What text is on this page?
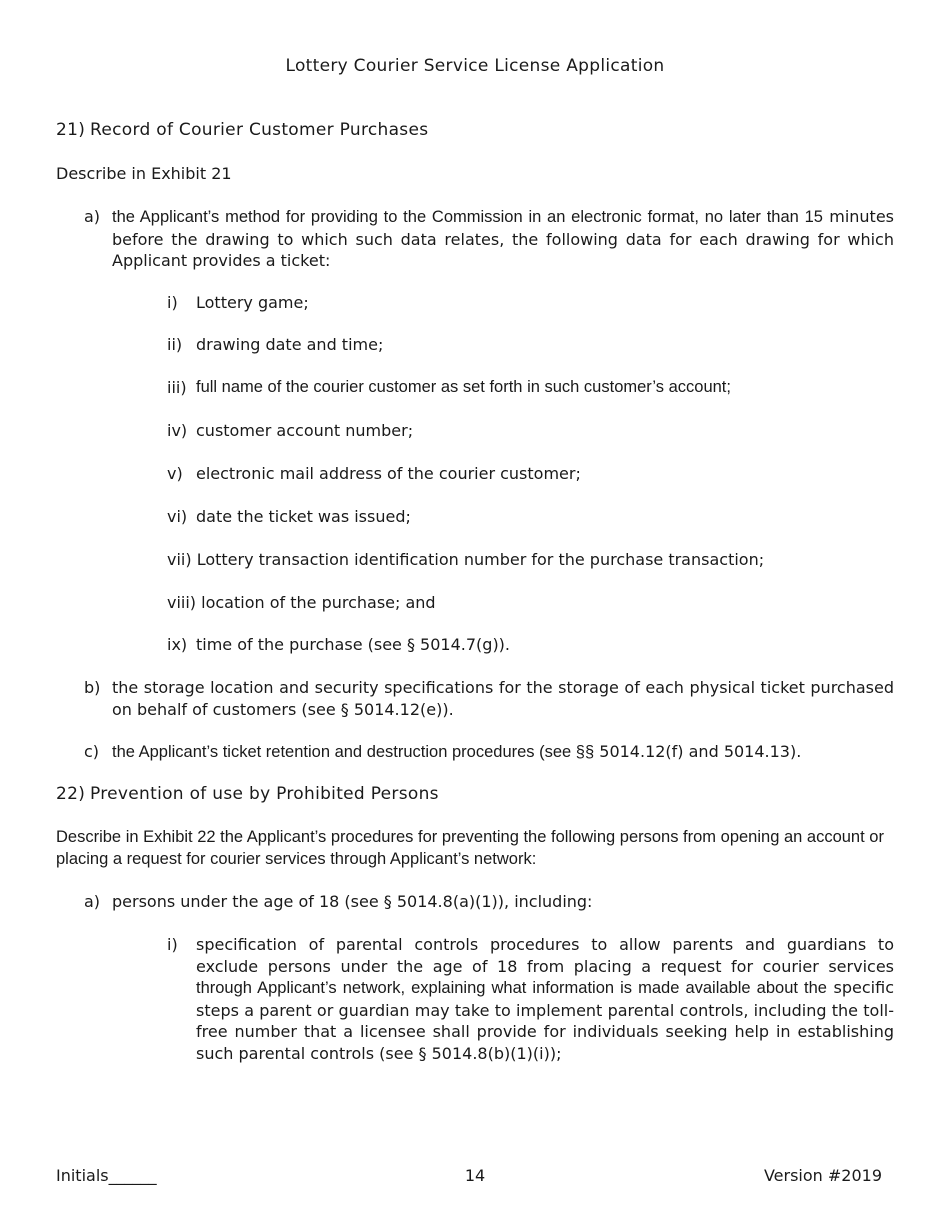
Lottery Courier Service License Application
21) Record of Courier Customer Purchases
Describe in Exhibit 21
a) the Applicant’s method for providing to the Commission in an electronic format, no later than 15 minutes before the drawing to which such data relates, the following data for each drawing for which Applicant provides a ticket:
i) Lottery game;
ii) drawing date and time;
iii) full name of the courier customer as set forth in such customer’s account;
iv) customer account number;
v) electronic mail address of the courier customer;
vi) date the ticket was issued;
vii) Lottery transaction identification number for the purchase transaction;
viii) location of the purchase; and
ix) time of the purchase (see § 5014.7(g)).
b) the storage location and security specifications for the storage of each physical ticket purchased on behalf of customers (see § 5014.12(e)).
c) the Applicant’s ticket retention and destruction procedures (see §§ 5014.12(f) and 5014.13).
22) Prevention of use by Prohibited Persons
Describe in Exhibit 22 the Applicant’s procedures for preventing the following persons from opening an account or placing a request for courier services through Applicant’s network:
a) persons under the age of 18 (see § 5014.8(a)(1)), including:
i) specification of parental controls procedures to allow parents and guardians to exclude persons under the age of 18 from placing a request for courier services through Applicant’s network, explaining what information is made available about the specific steps a parent or guardian may take to implement parental controls, including the toll-free number that a licensee shall provide for individuals seeking help in establishing such parental controls (see § 5014.8(b)(1)(i));
Initials______	14	Version #2019
